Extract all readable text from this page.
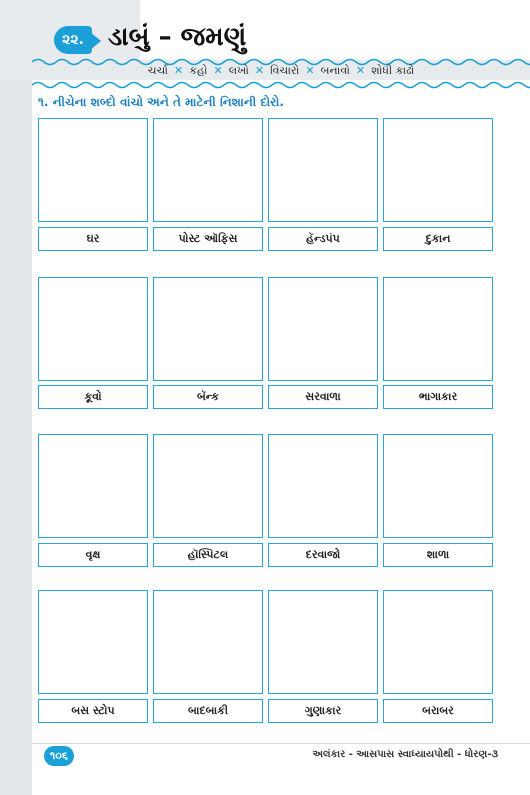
૨૨. ડાબું – જમણું
ચર્ચા ✕ કહો ✕ લખો ✕ વિચારો ✕ બનાવો ✕ શોધી કાઢો
૧. નીચેના શબ્દો વાંચો અને તે માટેની નિશાની દોરો.
ઘર	પોસ્ટ ઑફિસ	હૅન્ડપંપ	દુકાન
કૂવો	બૅન્ક	સરવાળા	ભાગાકાર
વૃક્ષ	હૉસ્પિટલ	દરવાજો	શાળા
બસ સ્ટોપ	બાદબાકી	ગુણાકાર	બરાબર
૧૦૬	અલંકાર - આસપાસ સ્વાધ્યાયપોથી - ધોરણ-૩
